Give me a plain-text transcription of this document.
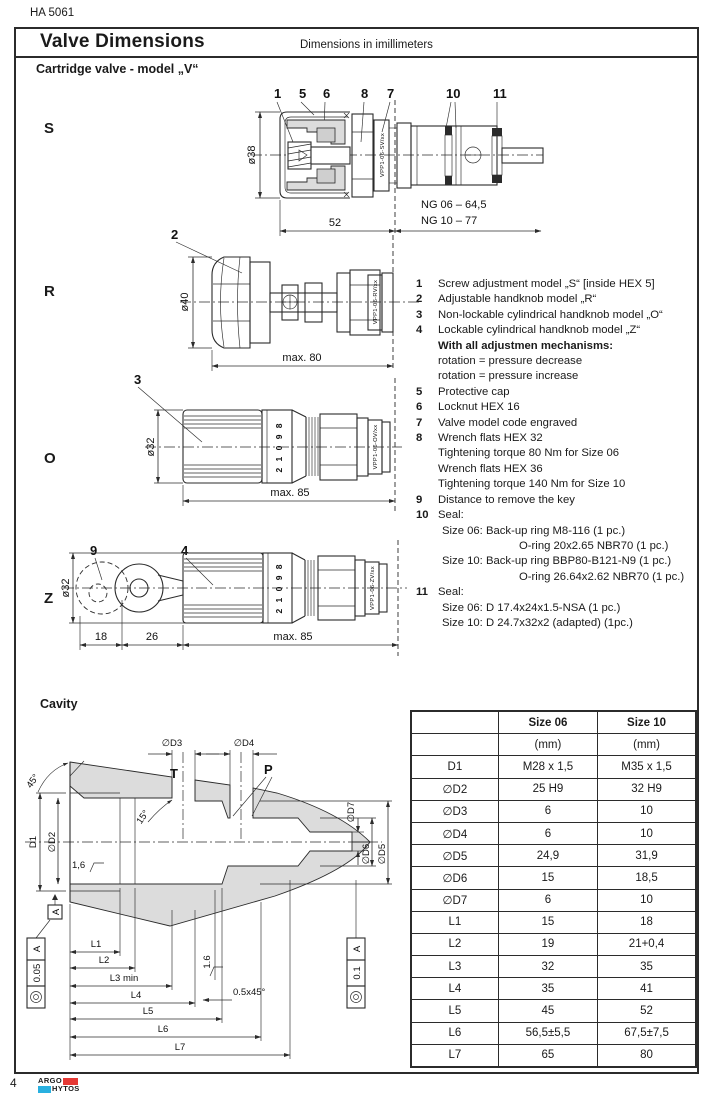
HA 5061
Valve Dimensions	Dimensions in imillimeters
Cartridge valve - model „V“
S
R
O
Z
1 5 6 8 7	10	11
VPP1-06-SV/xx
ø38
52
NG 06 – 64,5
NG 10 – 77
2
VPP1-06-RV/xx
ø40
max. 80
3
2 1 0 9 8	VPP1-06-OV/xx
ø32
max. 85
9	4
2 1 0 9 8	VPP1-06-ZV/xx
ø32
18	26	max. 85
Cavity
∅D3	∅D4
T	P
45°
15°
D1 ∅D2
1,6
∅D7
∅D6 ∅D5
A
A
0.05
A
0.1
1.6
0.5x45°
L1
L2
L3 min
L4
L5
L6
L7
1	Screw adjustment model „S“ [inside HEX 5]
2	Adjustable handknob model „R“
3	Non-lockable cylindrical handknob model „O“
4	Lockable cylindrical handknob model „Z“
With all adjustmen mechanisms:
rotation = pressure decrease
rotation = pressure increase
5	Protective cap
6	Locknut HEX 16
7	Valve model code engraved
8	Wrench flats HEX 32
Tightening torque 80 Nm for Size 06
Wrench flats HEX 36
Tightening torque 140 Nm for Size 10
9	Distance to remove the key
10 Seal:
Size 06: Back-up ring M8-116 (1 pc.)
O-ring 20x2.65 NBR70 (1 pc.)
Size 10: Back-up ring BBP80-B121-N9 (1 pc.)
O-ring 26.64x2.62 NBR70 (1 pc.)
11 Seal:
Size 06: D 17.4x24x1.5-NSA (1 pc.)
Size 10: D 24.7x32x2 (adapted) (1pc.)
	Size 06	Size 10
	(mm)	(mm)
D1	M28 x 1,5	M35 x 1,5
∅D2	25 H9	32 H9
∅D3	6	10
∅D4	6	10
∅D5	24,9	31,9
∅D6	15	18,5
∅D7	6	10
L1	15	18
L2	19	21+0,4
L3	32	35
L4	35	41
L5	45	52
L6	56,5±5,5	67,5±7,5
L7	65	80
4	ARGO
HYTOS
